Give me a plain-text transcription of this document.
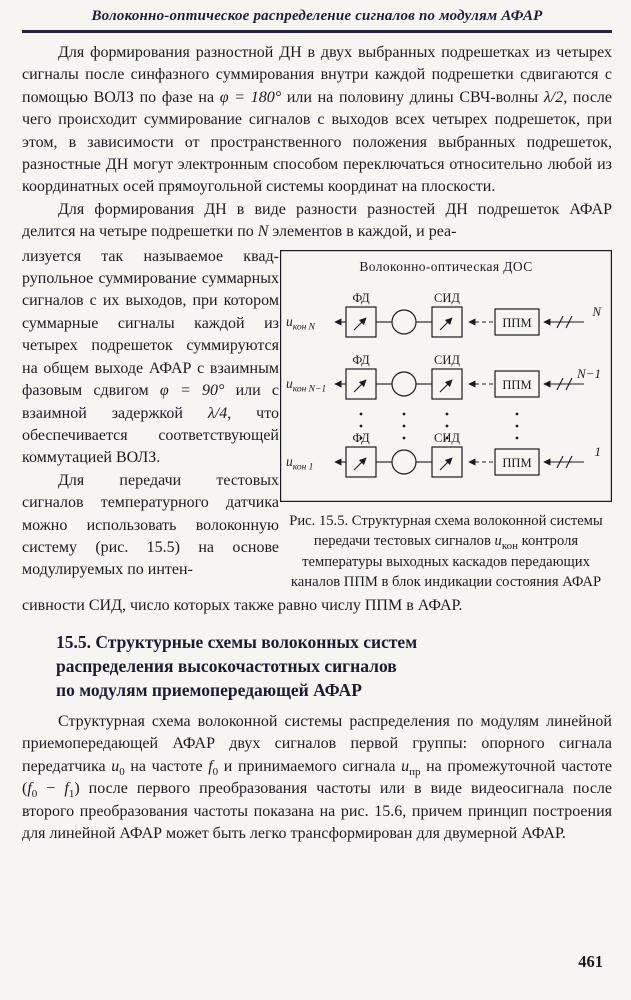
Волоконно-оптическое распределение сигналов по модулям АФАР

Для формирования разностной ДН в двух выбранных подрешетках из четырех сигналы после синфазного суммирования внутри каждой подрешетки сдвигаются с помощью ВОЛЗ по фазе на φ = 180° или на половину длины СВЧ-волны λ/2, после чего происходит суммирование сигналов с выходов всех четырех подрешеток, при этом, в зависимости от пространственного положения выбранных подрешеток, разностные ДН могут электронным способом переключаться относительно любой из координатных осей прямоугольной системы координат на плоскости.

Для формирования ДН в виде разности разностей ДН подрешеток АФАР делится на четыре подрешетки по N элементов в каждой, и реа-

лизуется так называемое квадрупольное суммирование суммарных сигналов с их выходов, при котором суммарные сигналы каждой из четырех подрешеток суммируются на общем выходе АФАР с взаимным фазовым сдвигом φ = 90° или с взаимной задержкой λ/4, что обеспечивается соответствующей коммутацией ВОЛЗ.

Для передачи тестовых сигналов температурного датчика можно использовать волоконную систему (рис. 15.5) на основе модулируемых по интен-

Волоконно-оптическая ДОС
$u_{кон N}$
ФД	СИД
ППМ
N
$u_{кон N-1}$
ФД	СИД
ППМ
N−1
$u_{кон 1}$
ФД	СИД
ППМ
1
Рис. 15.5. Структурная схема волоконной системы передачи тестовых сигналов $u_{кон}$ контроля температуры выходных каскадов передающих каналов ППМ в блок индикации состояния АФАР

сивности СИД, число которых также равно числу ППМ в АФАР.

15.5. Структурные схемы волоконных систем
распределения высокочастотных сигналов
по модулям приемопередающей АФАР

Структурная схема волоконной системы распределения по модулям линейной приемопередающей АФАР двух сигналов первой группы: опорного сигнала передатчика $u_0$ на частоте $f_0$ и принимаемого сигнала $u_{пр}$ на промежуточной частоте $(f_0 - f_1)$ после первого преобразования частоты или в виде видеосигнала после второго преобразования частоты показана на рис. 15.6, причем принцип построения для линейной АФАР может быть легко трансформирован для двумерной АФАР.

461
